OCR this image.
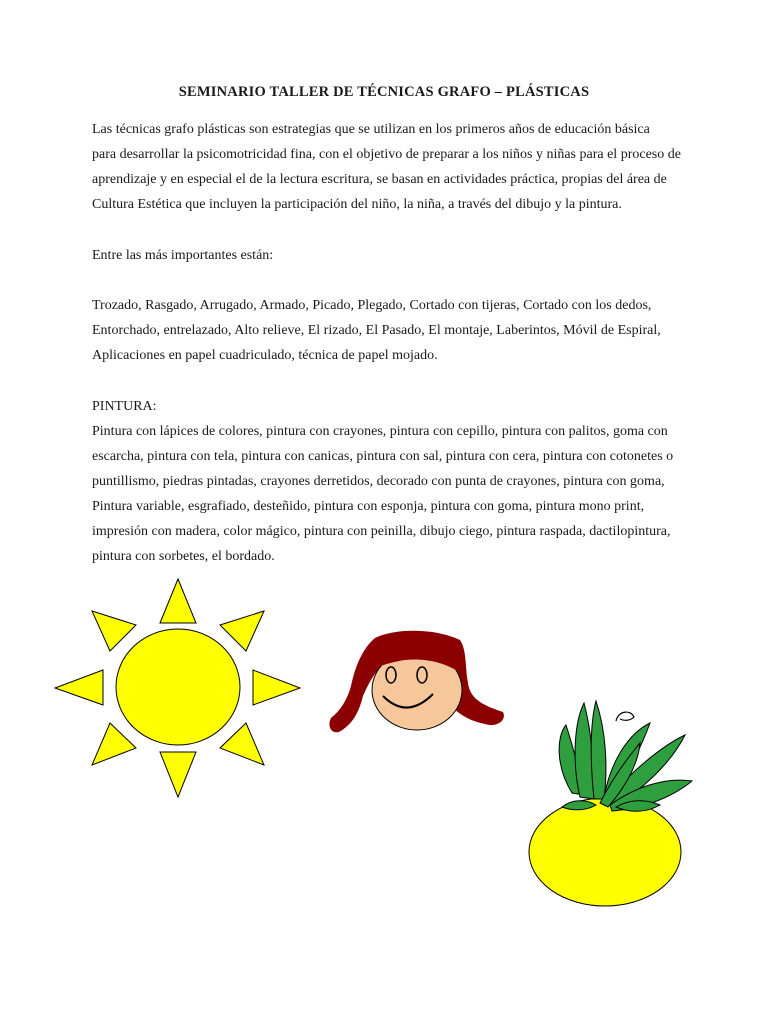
SEMINARIO TALLER DE TÉCNICAS GRAFO – PLÁSTICAS

Las técnicas grafo plásticas son estrategias que se utilizan en los primeros años de educación básica
para desarrollar la psicomotricidad fina, con el objetivo de preparar a los niños y niñas para el proceso de
aprendizaje y en especial el de la lectura escritura, se basan en actividades práctica, propias del área de
Cultura Estética que incluyen la participación del niño, la niña, a través del dibujo y la pintura.

Entre las más importantes están:

Trozado, Rasgado, Arrugado, Armado, Picado, Plegado, Cortado con tijeras, Cortado con los dedos,
Entorchado, entrelazado, Alto relieve, El rizado, El Pasado, El montaje, Laberintos, Móvil de Espiral,
Aplicaciones en papel cuadriculado, técnica de papel mojado.

PINTURA:

Pintura con lápices de colores, pintura con crayones, pintura con cepillo, pintura con palitos, goma con
escarcha, pintura con tela, pintura con canicas, pintura con sal, pintura con cera, pintura con cotonetes o
puntillismo, piedras pintadas, crayones derretidos, decorado con punta de crayones, pintura con goma,
Pintura variable, esgrafiado, desteñido, pintura con esponja, pintura con goma, pintura mono print,
impresión con madera, color mágico, pintura con peinilla, dibujo ciego, pintura raspada, dactilopintura,
pintura con sorbetes, el bordado.
